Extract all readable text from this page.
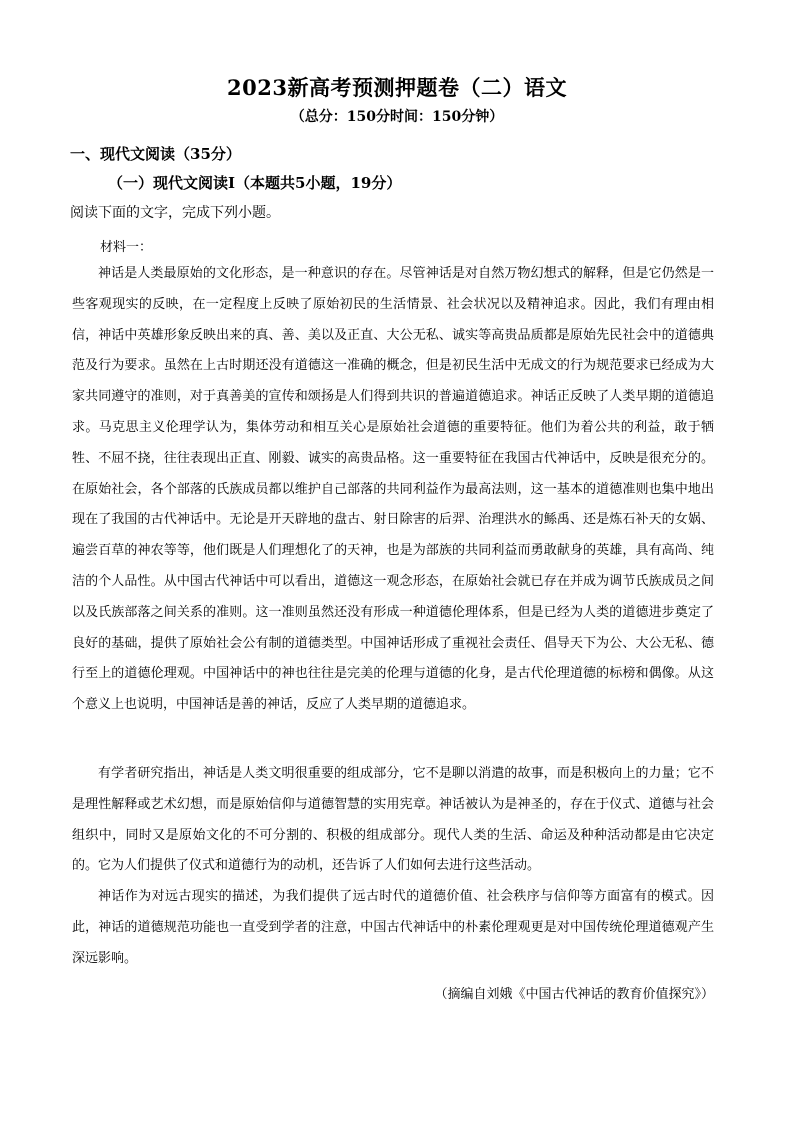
2023新高考预测押题卷（二）语文
（总分：150分时间：150分钟）
一、现代文阅读（35分）
（一）现代文阅读Ⅰ（本题共5小题，19分）
阅读下面的文字，完成下列小题。
材料一：

神话是人类最原始的文化形态，是一种意识的存在。尽管神话是对自然万物幻想式的解释，但是它仍然是一些客观现实的反映，在一定程度上反映了原始初民的生活情景、社会状况以及精神追求。因此，我们有理由相信，神话中英雄形象反映出来的真、善、美以及正直、大公无私、诚实等高贵品质都是原始先民社会中的道德典范及行为要求。虽然在上古时期还没有道德这一准确的概念，但是初民生活中无成文的行为规范要求已经成为大家共同遵守的准则，对于真善美的宣传和颂扬是人们得到共识的普遍道德追求。神话正反映了人类早期的道德追求。马克思主义伦理学认为，集体劳动和相互关心是原始社会道德的重要特征。他们为着公共的利益，敢于牺牲、不屈不挠，往往表现出正直、刚毅、诚实的高贵品格。这一重要特征在我国古代神话中，反映是很充分的。在原始社会，各个部落的氏族成员都以维护自己部落的共同利益作为最高法则，这一基本的道德准则也集中地出现在了我国的古代神话中。无论是开天辟地的盘古、射日除害的后羿、治理洪水的鲧禹、还是炼石补天的女娲、遍尝百草的神农等等，他们既是人们理想化了的天神，也是为部族的共同利益而勇敢献身的英雄，具有高尚、纯洁的个人品性。从中国古代神话中可以看出，道德这一观念形态，在原始社会就已存在并成为调节氏族成员之间以及氏族部落之间关系的准则。这一准则虽然还没有形成一种道德伦理体系，但是已经为人类的道德进步奠定了良好的基础，提供了原始社会公有制的道德类型。中国神话形成了重视社会责任、倡导天下为公、大公无私、德行至上的道德伦理观。中国神话中的神也往往是完美的伦理与道德的化身，是古代伦理道德的标榜和偶像。从这个意义上也说明，中国神话是善的神话，反应了人类早期的道德追求。

有学者研究指出，神话是人类文明很重要的组成部分，它不是聊以消遣的故事，而是积极向上的力量；它不是理性解释或艺术幻想，而是原始信仰与道德智慧的实用宪章。神话被认为是神圣的，存在于仪式、道德与社会组织中，同时又是原始文化的不可分割的、积极的组成部分。现代人类的生活、命运及种种活动都是由它决定的。它为人们提供了仪式和道德行为的动机，还告诉了人们如何去进行这些活动。

神话作为对远古现实的描述，为我们提供了远古时代的道德价值、社会秩序与信仰等方面富有的模式。因此，神话的道德规范功能也一直受到学者的注意，中国古代神话中的朴素伦理观更是对中国传统伦理道德观产生深远影响。

（摘编自刘娥《中国古代神话的教育价值探究》）
